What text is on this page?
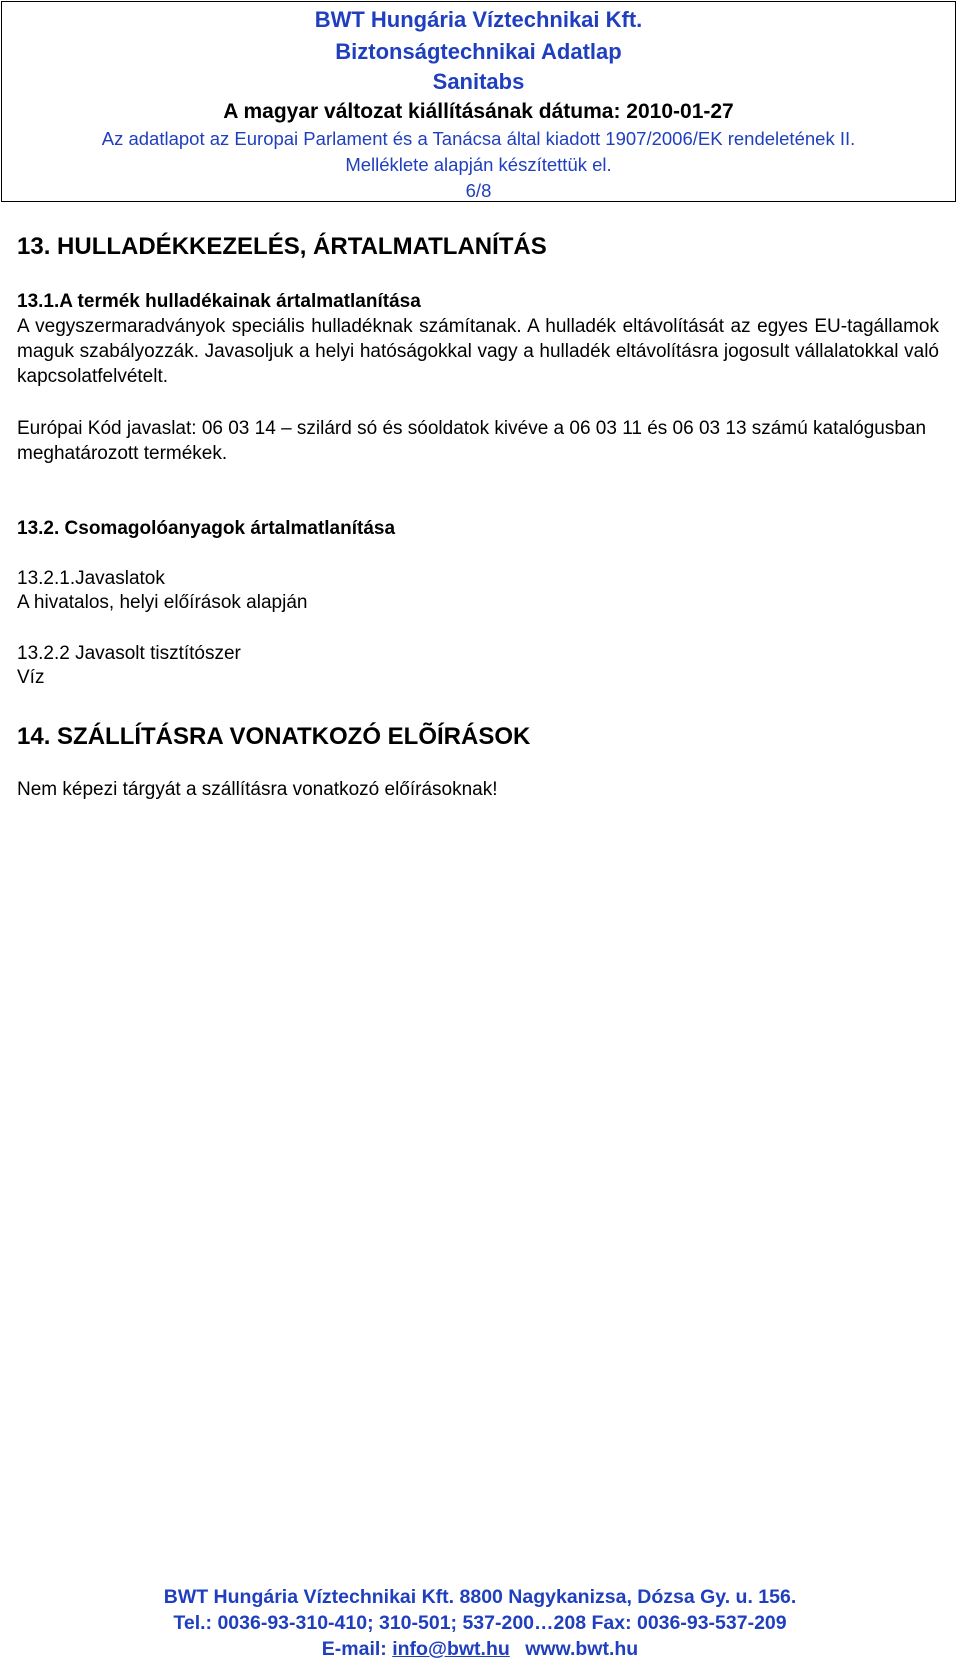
BWT Hungária Víztechnikai Kft.
Biztonságtechnikai Adatlap
Sanitabs
A magyar változat kiállításának dátuma: 2010-01-27
Az adatlapot az Europai Parlament és a Tanácsa által kiadott 1907/2006/EK rendeletének II.
Melléklete alapján készítettük el.
6/8
13. HULLADÉKKEZELÉS, ÁRTALMATLANÍTÁS
13.1.A termék hulladékainak ártalmatlanítása
A vegyszermaradványok speciális hulladéknak számítanak. A hulladék eltávolítását az egyes EU-tagállamok maguk szabályozzák. Javasoljuk a helyi hatóságokkal vagy a hulladék eltávolításra jogosult vállalatokkal való kapcsolatfelvételt.
Európai Kód javaslat: 06 03 14 – szilárd só és sóoldatok kivéve a 06 03 11 és 06 03 13 számú katalógusban meghatározott termékek.
13.2. Csomagolóanyagok ártalmatlanítása
13.2.1.Javaslatok
A hivatalos, helyi előírások alapján
13.2.2 Javasolt tisztítószer
Víz
14. SZÁLLÍTÁSRA VONATKOZÓ ELÕÍRÁSOK
Nem képezi tárgyát a szállításra vonatkozó előírásoknak!
BWT Hungária Víztechnikai Kft. 8800 Nagykanizsa, Dózsa Gy. u. 156.
Tel.: 0036-93-310-410; 310-501; 537-200…208 Fax: 0036-93-537-209
E-mail: info@bwt.hu www.bwt.hu
